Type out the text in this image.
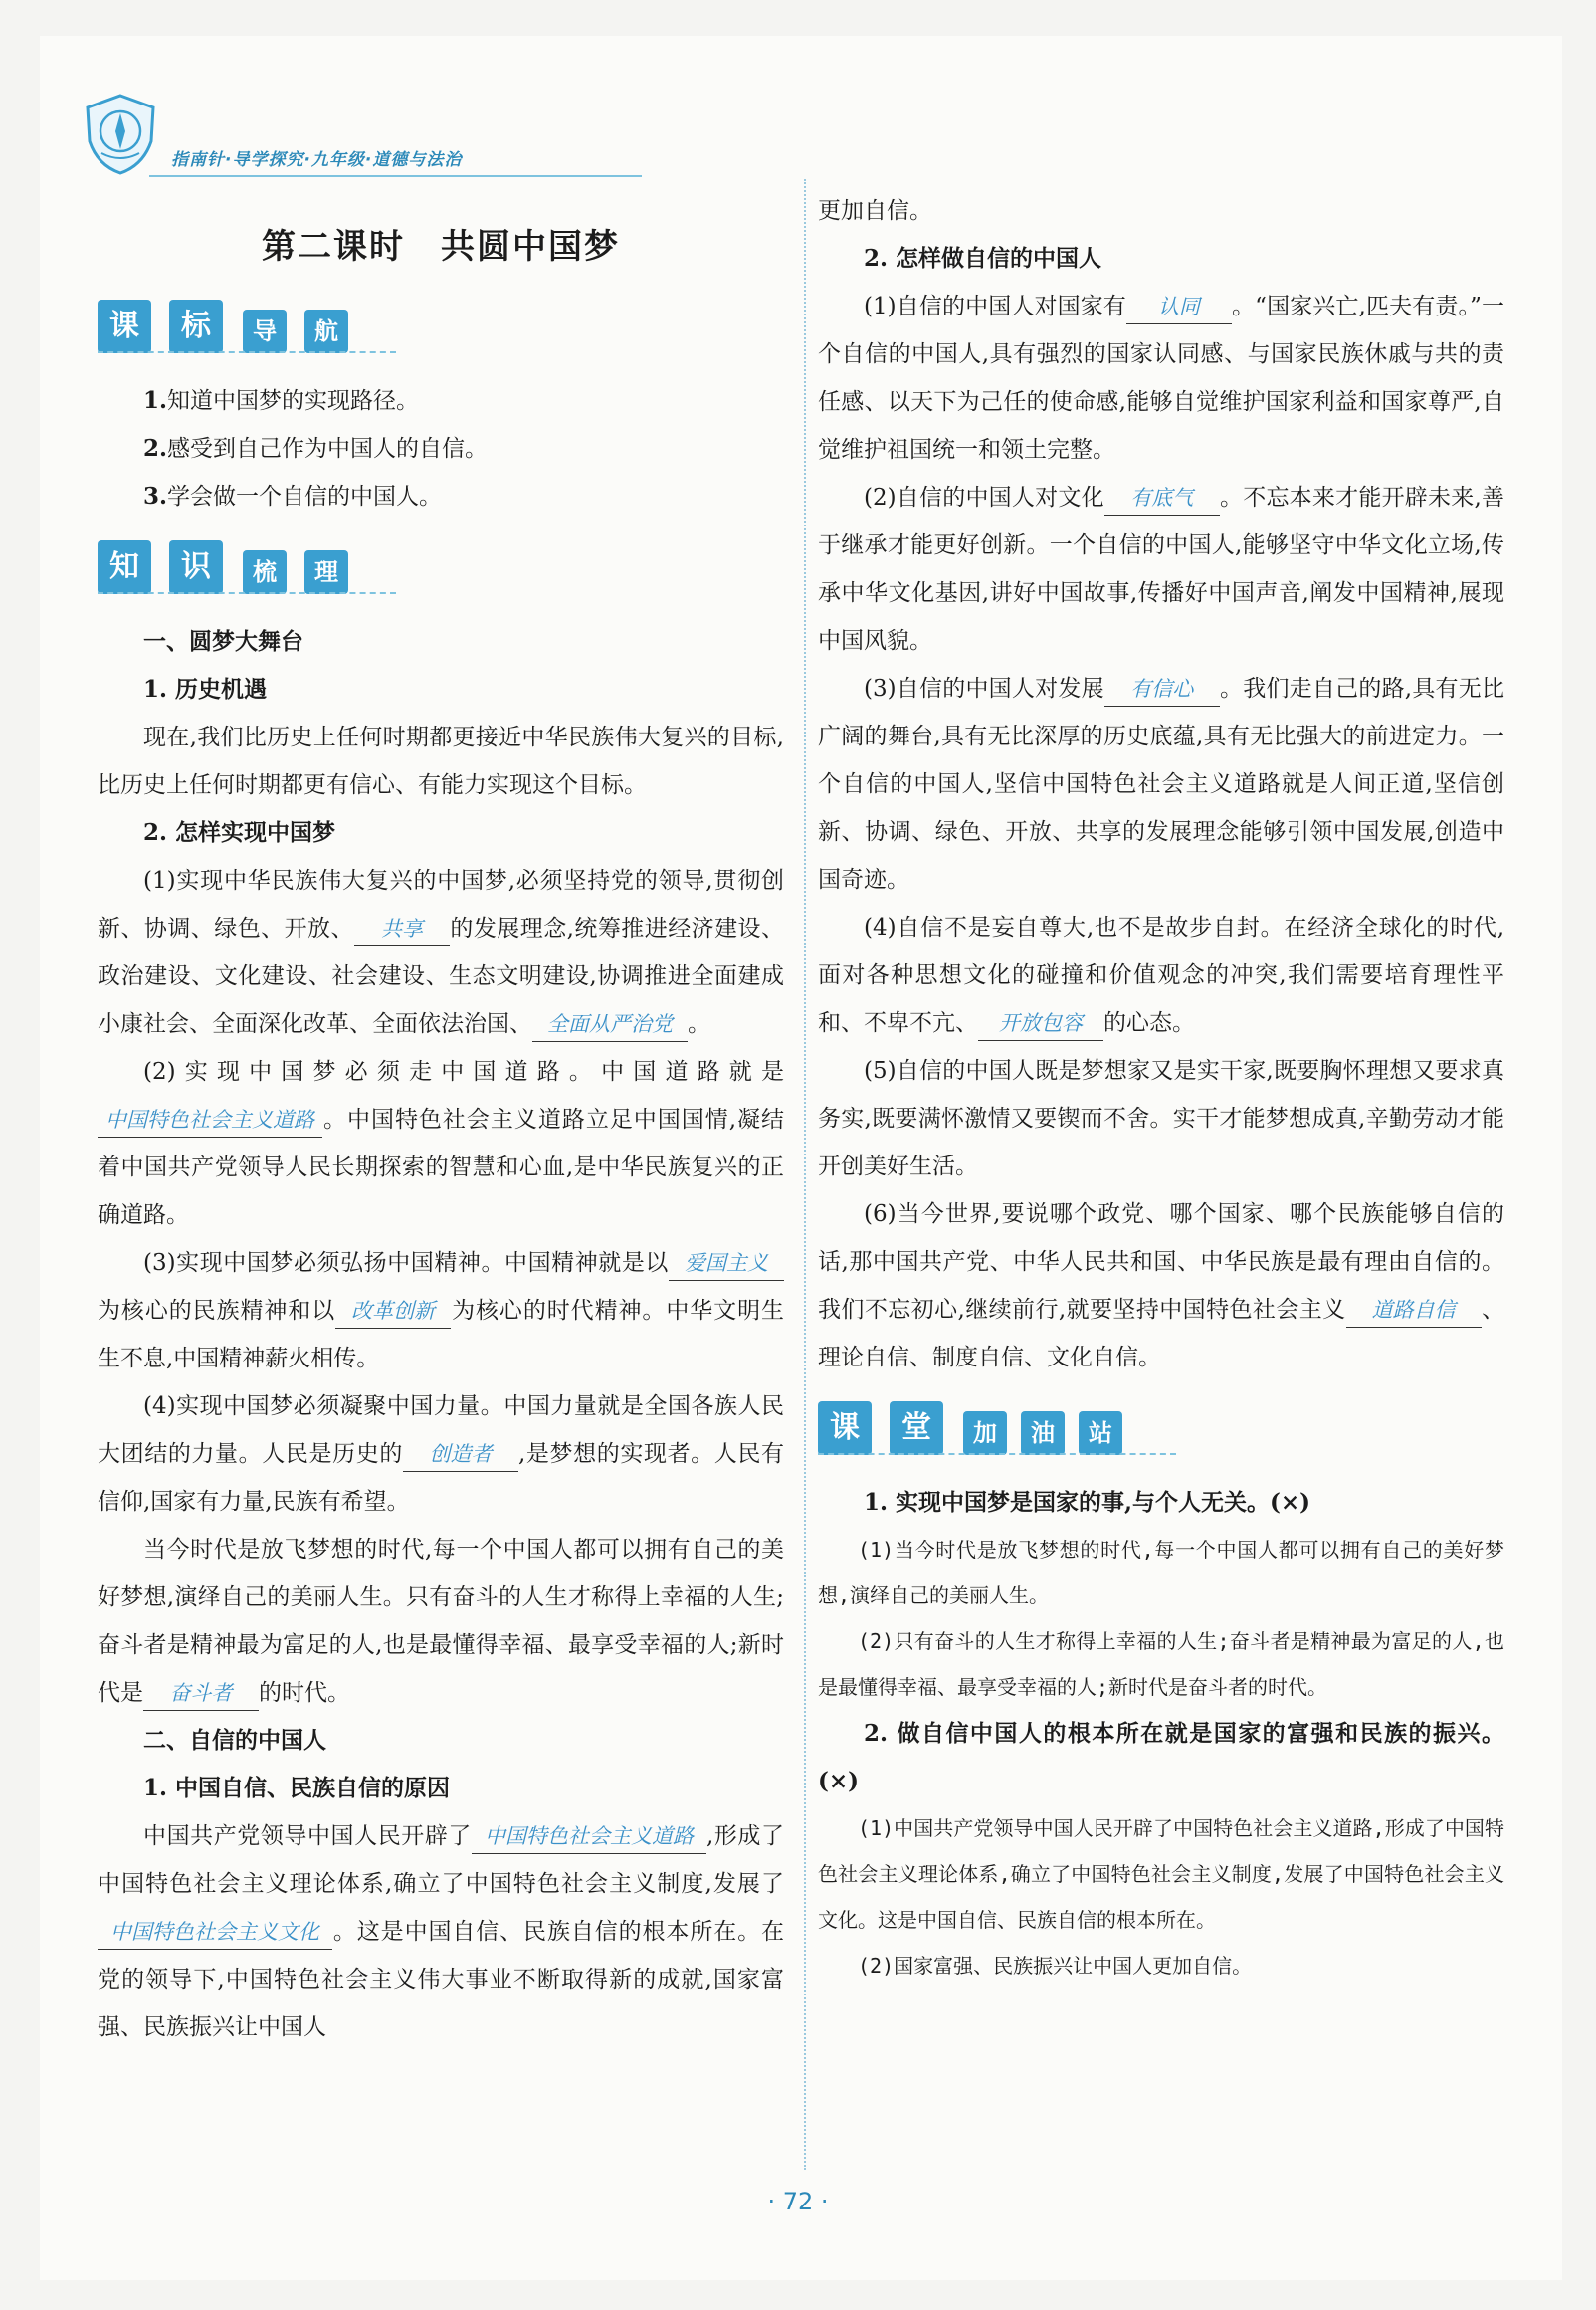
指南针·导学探究·九年级·道德与法治
第二课时　共圆中国梦
课	标	导	航

1.知道中国梦的实现路径。

2.感受到自己作为中国人的自信。

3.学会做一个自信的中国人。

知	识	梳	理

一、圆梦大舞台

1. 历史机遇

现在,我们比历史上任何时期都更接近中华民族伟大复兴的目标,比历史上任何时期都更有信心、有能力实现这个目标。

2. 怎样实现中国梦

(1)实现中华民族伟大复兴的中国梦,必须坚持党的领导,贯彻创新、协调、绿色、开放、 共享 的发展理念,统筹推进经济建设、政治建设、文化建设、社会建设、生态文明建设,协调推进全面建成小康社会、全面深化改革、全面依法治国、 全面从严治党 。

(2)实现中国梦必须走中国道路。中国道路就是中国特色社会主义道路 。中国特色社会主义道路立足中国国情,凝结着中国共产党领导人民长期探索的智慧和心血,是中华民族复兴的正确道路。

(3)实现中国梦必须弘扬中国精神。中国精神就是以 爱国主义为核心的民族精神和以 改革创新 为核心的时代精神。中华文明生生不息,中国精神薪火相传。

(4)实现中国梦必须凝聚中国力量。中国力量就是全国各族人民大团结的力量。人民是历史的 创造者 ,是梦想的实现者。人民有信仰,国家有力量,民族有希望。

当今时代是放飞梦想的时代,每一个中国人都可以拥有自己的美好梦想,演绎自己的美丽人生。只有奋斗的人生才称得上幸福的人生;奋斗者是精神最为富足的人,也是最懂得幸福、最享受幸福的人;新时代是 奋斗者 的时代。

二、自信的中国人

1. 中国自信、民族自信的原因

中国共产党领导中国人民开辟了 中国特色社会主义道路 ,形成了中国特色社会主义理论体系,确立了中国特色社会主义制度,发展了中国特色社会主义文化 。这是中国自信、民族自信的根本所在。在党的领导下,中国特色社会主义伟大事业不断取得新的成就,国家富强、民族振兴让中国人

更加自信。

2. 怎样做自信的中国人

(1)自信的中国人对国家有 认同 。“国家兴亡,匹夫有责。”一个自信的中国人,具有强烈的国家认同感、与国家民族休戚与共的责任感、以天下为己任的使命感,能够自觉维护国家利益和国家尊严,自觉维护祖国统一和领土完整。

(2)自信的中国人对文化 有底气 。不忘本来才能开辟未来,善于继承才能更好创新。一个自信的中国人,能够坚守中华文化立场,传承中华文化基因,讲好中国故事,传播好中国声音,阐发中国精神,展现中国风貌。

(3)自信的中国人对发展 有信心 。我们走自己的路,具有无比广阔的舞台,具有无比深厚的历史底蕴,具有无比强大的前进定力。一个自信的中国人,坚信中国特色社会主义道路就是人间正道,坚信创新、协调、绿色、开放、共享的发展理念能够引领中国发展,创造中国奇迹。

(4)自信不是妄自尊大,也不是故步自封。在经济全球化的时代,面对各种思想文化的碰撞和价值观念的冲突,我们需要培育理性平和、不卑不亢、 开放包容 的心态。

(5)自信的中国人既是梦想家又是实干家,既要胸怀理想又要求真务实,既要满怀激情又要锲而不舍。实干才能梦想成真,辛勤劳动才能开创美好生活。

(6)当今世界,要说哪个政党、哪个国家、哪个民族能够自信的话,那中国共产党、中华人民共和国、中华民族是最有理由自信的。我们不忘初心,继续前行,就要坚持中国特色社会主义 道路自信 、理论自信、制度自信、文化自信。

课	堂	加	油	站

1. 实现中国梦是国家的事,与个人无关。(×)

(1)当今时代是放飞梦想的时代,每一个中国人都可以拥有自己的美好梦想,演绎自己的美丽人生。

(2)只有奋斗的人生才称得上幸福的人生;奋斗者是精神最为富足的人,也是最懂得幸福、最享受幸福的人;新时代是奋斗者的时代。

2. 做自信中国人的根本所在就是国家的富强和民族的振兴。(×)

(1)中国共产党领导中国人民开辟了中国特色社会主义道路,形成了中国特色社会主义理论体系,确立了中国特色社会主义制度,发展了中国特色社会主义文化。这是中国自信、民族自信的根本所在。

(2)国家富强、民族振兴让中国人更加自信。

· 72 ·
